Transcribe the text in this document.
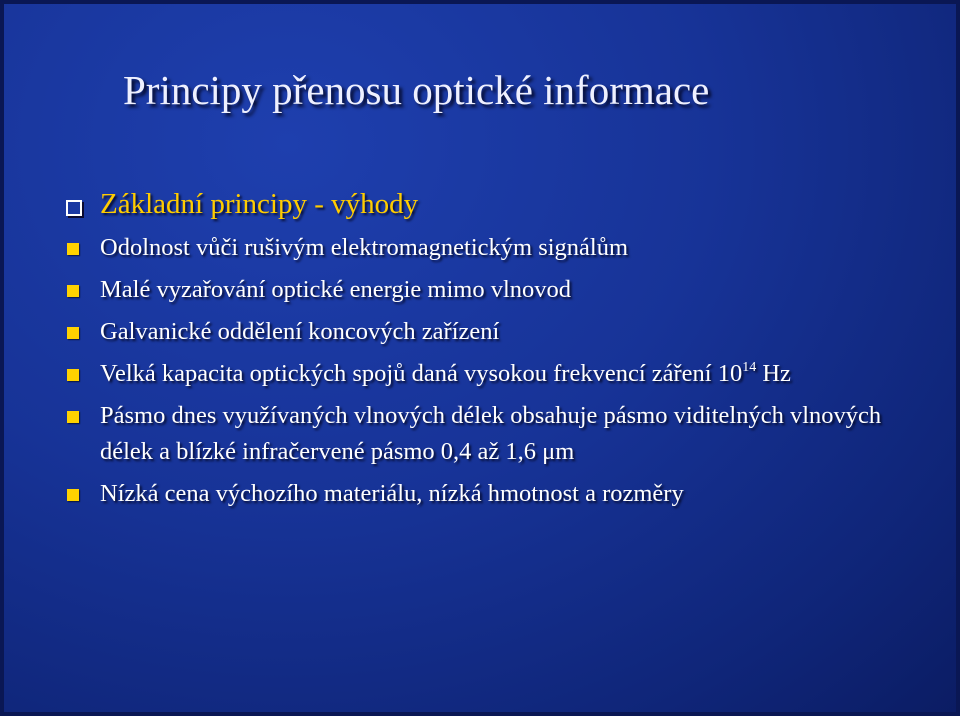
Principy přenosu optické informace
Základní principy - výhody
Odolnost vůči rušivým elektromagnetickým signálům
Malé vyzařování optické energie mimo vlnovod
Galvanické oddělení koncových zařízení
Velká kapacita optických spojů daná vysokou frekvencí záření $10^{14}$ Hz
Pásmo dnes využívaných vlnových délek obsahuje pásmo viditelných vlnových délek a blízké infračervené pásmo 0,4 až 1,6 μm
Nízká cena výchozího materiálu, nízká hmotnost a rozměry
